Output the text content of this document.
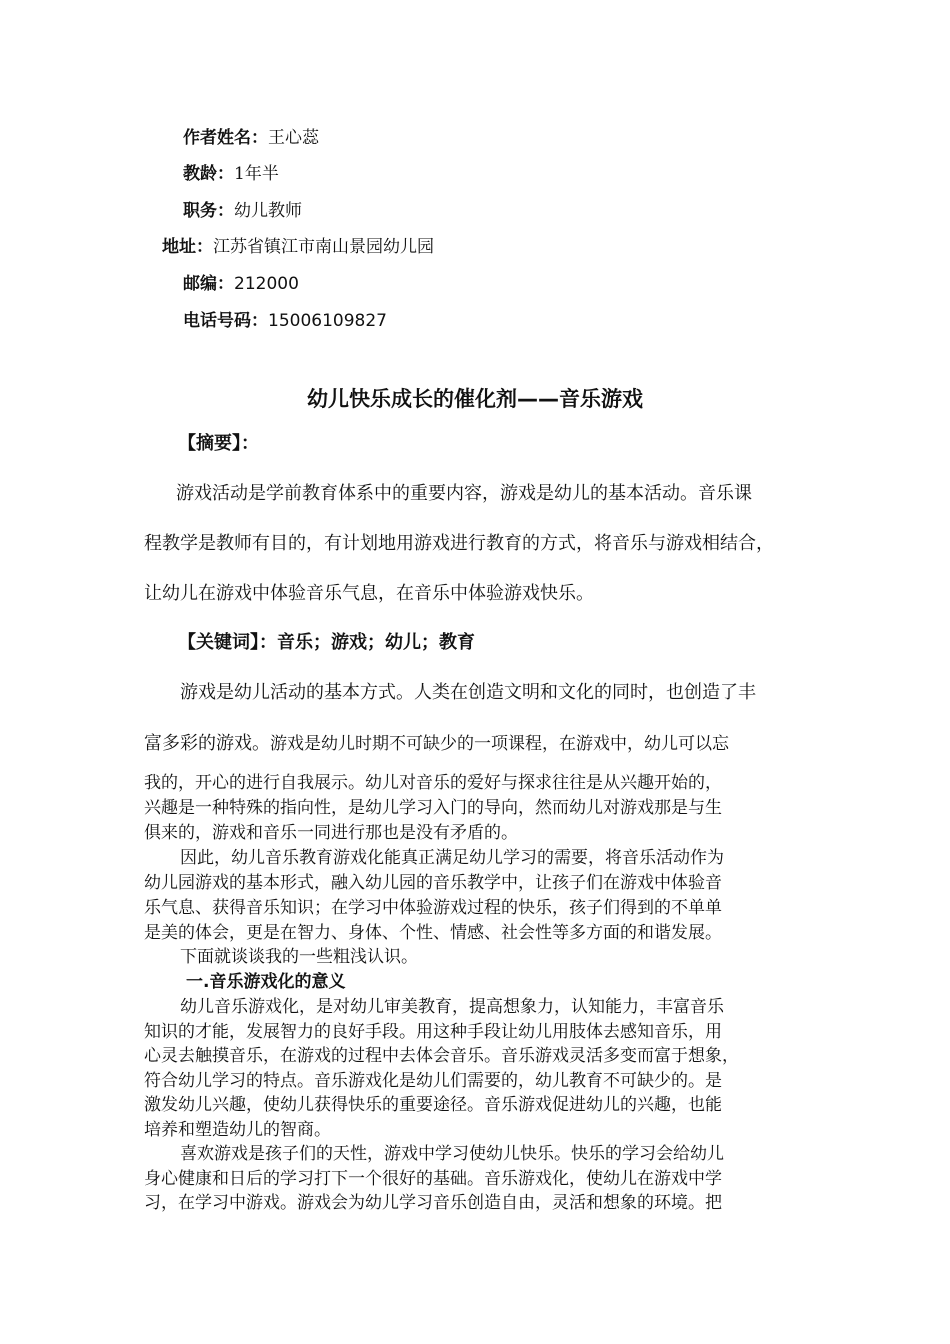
作者姓名：王心蕊
教龄：1年半
职务：幼儿教师
地址：江苏省镇江市南山景园幼儿园
邮编：212000
电话号码：15006109827
幼儿快乐成长的催化剂——音乐游戏
【摘要】：
游戏活动是学前教育体系中的重要内容，游戏是幼儿的基本活动。音乐课
程教学是教师有目的，有计划地用游戏进行教育的方式，将音乐与游戏相结合，
让幼儿在游戏中体验音乐气息，在音乐中体验游戏快乐。
【关键词】：音乐；游戏；幼儿；教育
游戏是幼儿活动的基本方式。人类在创造文明和文化的同时，也创造了丰
富多彩的游戏。游戏是幼儿时期不可缺少的一项课程，在游戏中，幼儿可以忘
我的，开心的进行自我展示。幼儿对音乐的爱好与探求往往是从兴趣开始的，
兴趣是一种特殊的指向性，是幼儿学习入门的导向，然而幼儿对游戏那是与生
俱来的，游戏和音乐一同进行那也是没有矛盾的。
因此，幼儿音乐教育游戏化能真正满足幼儿学习的需要，将音乐活动作为
幼儿园游戏的基本形式，融入幼儿园的音乐教学中，让孩子们在游戏中体验音
乐气息、获得音乐知识；在学习中体验游戏过程的快乐，孩子们得到的不单单
是美的体会，更是在智力、身体、个性、情感、社会性等多方面的和谐发展。
下面就谈谈我的一些粗浅认识。
一.音乐游戏化的意义
幼儿音乐游戏化，是对幼儿审美教育，提高想象力，认知能力，丰富音乐
知识的才能，发展智力的良好手段。用这种手段让幼儿用肢体去感知音乐，用
心灵去触摸音乐，在游戏的过程中去体会音乐。音乐游戏灵活多变而富于想象，
符合幼儿学习的特点。音乐游戏化是幼儿们需要的，幼儿教育不可缺少的。是
激发幼儿兴趣，使幼儿获得快乐的重要途径。音乐游戏促进幼儿的兴趣，也能
培养和塑造幼儿的智商。
喜欢游戏是孩子们的天性，游戏中学习使幼儿快乐。快乐的学习会给幼儿
身心健康和日后的学习打下一个很好的基础。音乐游戏化，使幼儿在游戏中学
习，在学习中游戏。游戏会为幼儿学习音乐创造自由，灵活和想象的环境。把
